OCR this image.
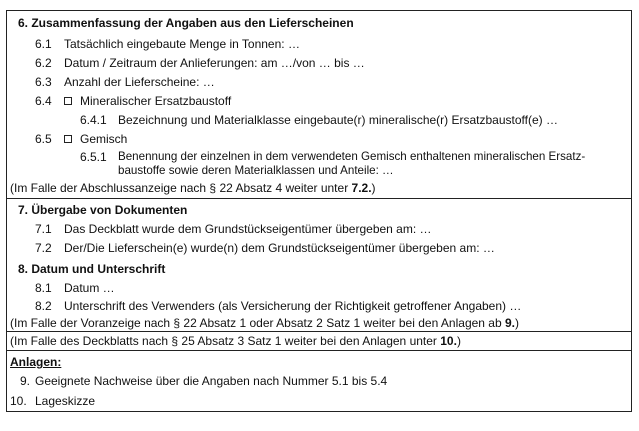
6. Zusammenfassung der Angaben aus den Lieferscheinen
6.1 Tatsächlich eingebaute Menge in Tonnen: …
6.2 Datum / Zeitraum der Anlieferungen: am …/von … bis …
6.3 Anzahl der Lieferscheine: …
6.4 Mineralischer Ersatzbaustoff
6.4.1 Bezeichnung und Materialklasse eingebaute(r) mineralische(r) Ersatzbaustoff(e) …
6.5 Gemisch
6.5.1 Benennung der einzelnen in dem verwendeten Gemisch enthaltenen mineralischen Ersatz-baustoffe sowie deren Materialklassen und Anteile: …
(Im Falle der Abschlussanzeige nach § 22 Absatz 4 weiter unter 7.2.)
7. Übergabe von Dokumenten
7.1 Das Deckblatt wurde dem Grundstückseigentümer übergeben am: …
7.2 Der/Die Lieferschein(e) wurde(n) dem Grundstückseigentümer übergeben am: …
8. Datum und Unterschrift
8.1 Datum …
8.2 Unterschrift des Verwenders (als Versicherung der Richtigkeit getroffener Angaben) …
(Im Falle der Voranzeige nach § 22 Absatz 1 oder Absatz 2 Satz 1 weiter bei den Anlagen ab 9.)
(Im Falle des Deckblatts nach § 25 Absatz 3 Satz 1 weiter bei den Anlagen unter 10.)
Anlagen:
9. Geeignete Nachweise über die Angaben nach Nummer 5.1 bis 5.4
10. Lageskizze
